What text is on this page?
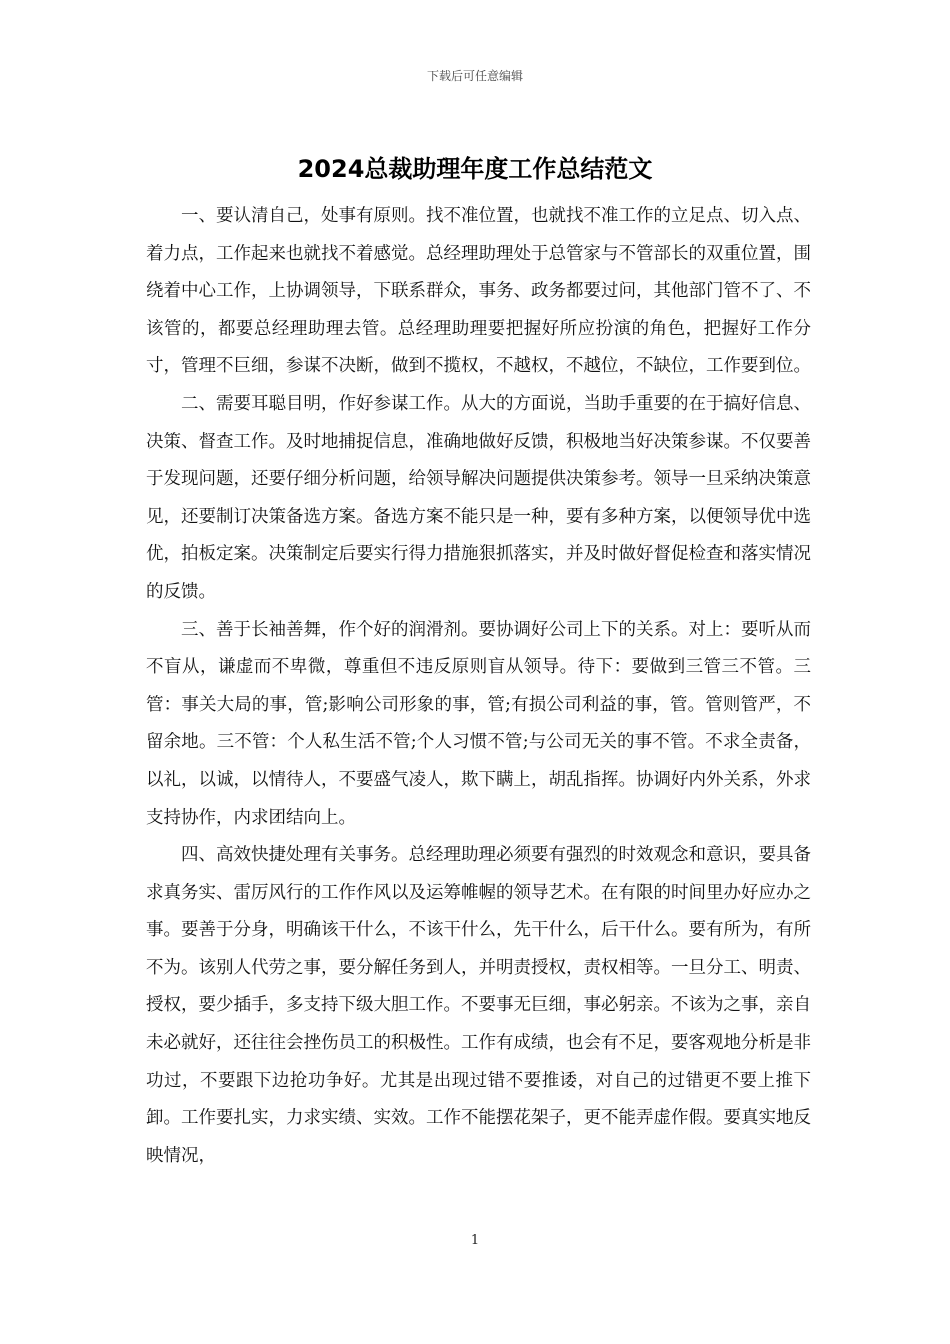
下载后可任意编辑
2024总裁助理年度工作总结范文

一、要认清自己，处事有原则。找不准位置，也就找不准工作的立足点、切入点、着力点，工作起来也就找不着感觉。总经理助理处于总管家与不管部长的双重位置，围绕着中心工作，上协调领导，下联系群众，事务、政务都要过问，其他部门管不了、不该管的，都要总经理助理去管。总经理助理要把握好所应扮演的角色，把握好工作分寸，管理不巨细，参谋不决断，做到不揽权，不越权，不越位，不缺位，工作要到位。

二、需要耳聪目明，作好参谋工作。从大的方面说，当助手重要的在于搞好信息、决策、督查工作。及时地捕捉信息，准确地做好反馈，积极地当好决策参谋。不仅要善于发现问题，还要仔细分析问题，给领导解决问题提供决策参考。领导一旦采纳决策意见，还要制订决策备选方案。备选方案不能只是一种，要有多种方案，以便领导优中选优，拍板定案。决策制定后要实行得力措施狠抓落实，并及时做好督促检查和落实情况的反馈。

三、善于长袖善舞，作个好的润滑剂。要协调好公司上下的关系。对上：要听从而不盲从，谦虚而不卑微，尊重但不违反原则盲从领导。待下：要做到三管三不管。三管：事关大局的事，管;影响公司形象的事，管;有损公司利益的事，管。管则管严，不留余地。三不管：个人私生活不管;个人习惯不管;与公司无关的事不管。不求全责备，以礼，以诚，以情待人，不要盛气凌人，欺下瞒上，胡乱指挥。协调好内外关系，外求支持协作，内求团结向上。

四、高效快捷处理有关事务。总经理助理必须要有强烈的时效观念和意识，要具备求真务实、雷厉风行的工作作风以及运筹帷幄的领导艺术。在有限的时间里办好应办之事。要善于分身，明确该干什么，不该干什么，先干什么，后干什么。要有所为，有所不为。该别人代劳之事，要分解任务到人，并明责授权，责权相等。一旦分工、明责、授权，要少插手，多支持下级大胆工作。不要事无巨细，事必躬亲。不该为之事，亲自未必就好，还往往会挫伤员工的积极性。工作有成绩，也会有不足，要客观地分析是非功过，不要跟下边抢功争好。尤其是出现过错不要推诿，对自己的过错更不要上推下卸。工作要扎实，力求实绩、实效。工作不能摆花架子，更不能弄虚作假。要真实地反映情况，

1
